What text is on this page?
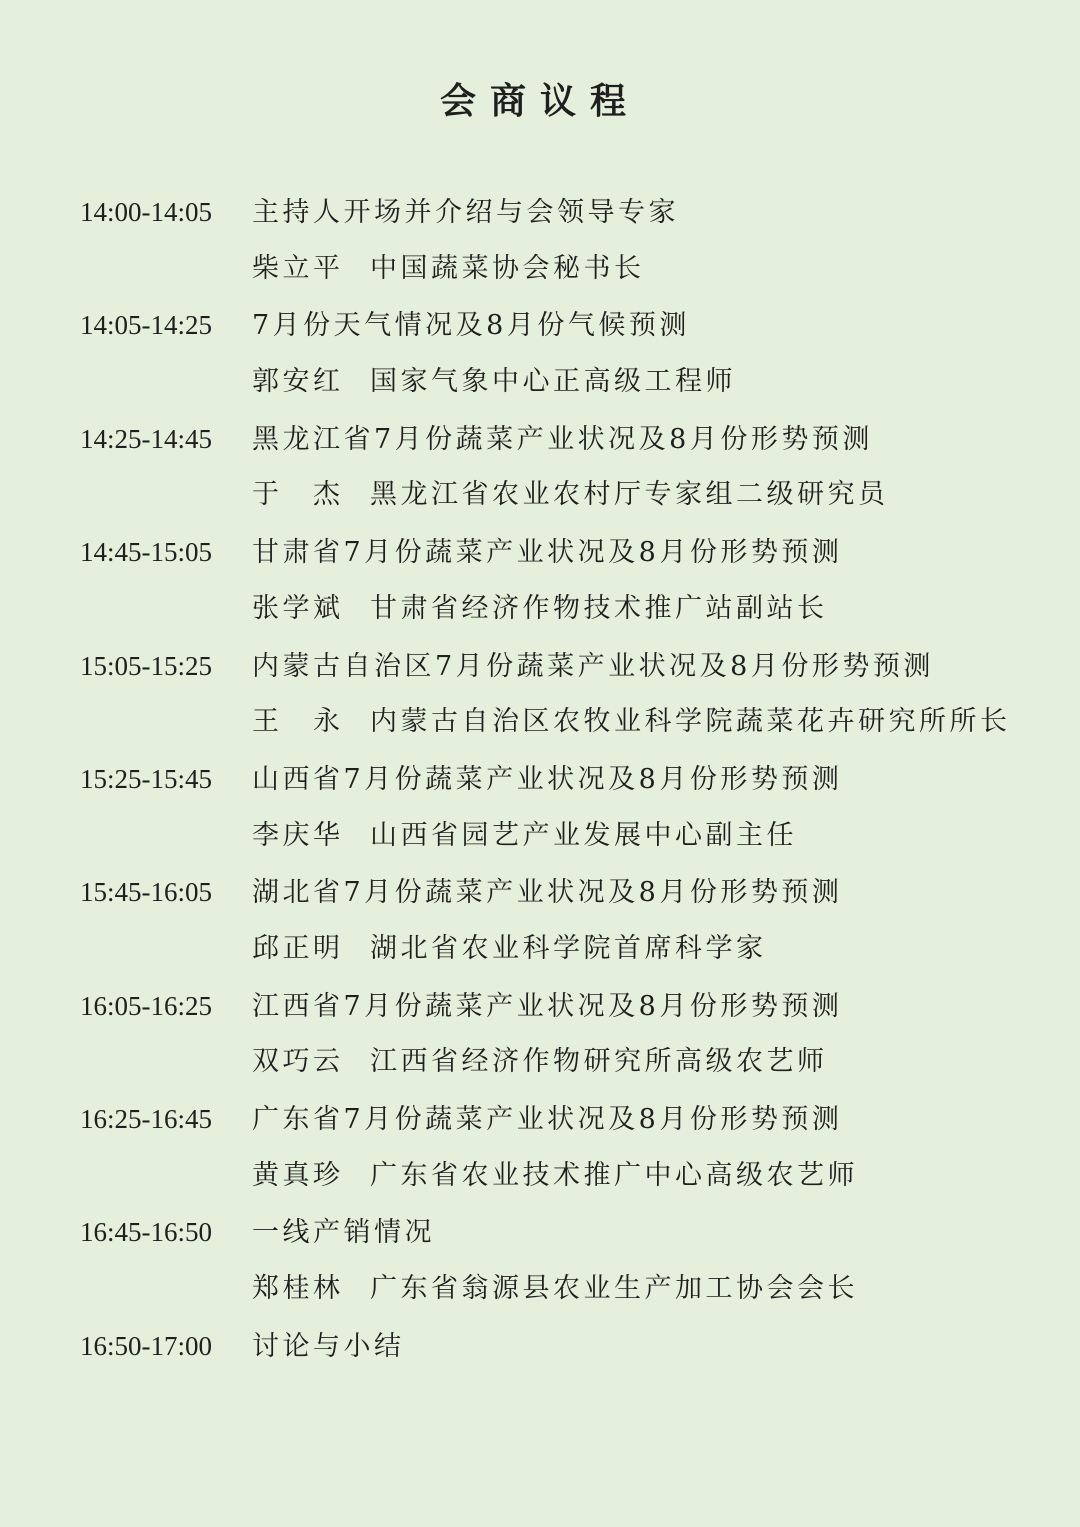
会商议程
14:00-14:05 主持人开场并介绍与会领导专家
柴立平 中国蔬菜协会秘书长
14:05-14:25 7月份天气情况及8月份气候预测
郭安红 国家气象中心正高级工程师
14:25-14:45 黑龙江省7月份蔬菜产业状况及8月份形势预测
于　杰 黑龙江省农业农村厅专家组二级研究员
14:45-15:05 甘肃省7月份蔬菜产业状况及8月份形势预测
张学斌 甘肃省经济作物技术推广站副站长
15:05-15:25 内蒙古自治区7月份蔬菜产业状况及8月份形势预测
王　永 内蒙古自治区农牧业科学院蔬菜花卉研究所所长
15:25-15:45 山西省7月份蔬菜产业状况及8月份形势预测
李庆华 山西省园艺产业发展中心副主任
15:45-16:05 湖北省7月份蔬菜产业状况及8月份形势预测
邱正明 湖北省农业科学院首席科学家
16:05-16:25 江西省7月份蔬菜产业状况及8月份形势预测
双巧云 江西省经济作物研究所高级农艺师
16:25-16:45 广东省7月份蔬菜产业状况及8月份形势预测
黄真珍 广东省农业技术推广中心高级农艺师
16:45-16:50 一线产销情况
郑桂林 广东省翁源县农业生产加工协会会长
16:50-17:00 讨论与小结
